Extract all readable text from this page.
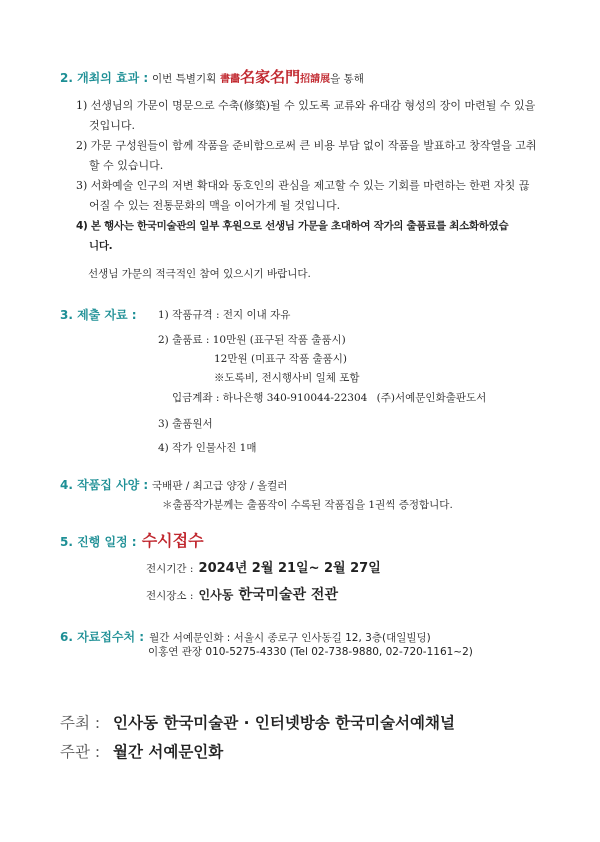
2. 개최의 효과 : 이번 특별기획 書畵名家名門招請展을 통해
1) 선생님의 가문이 명문으로 수축(修築)될 수 있도록 교류와 유대감 형성의 장이 마련될 수 있을
것입니다.
2) 가문 구성원들이 함께 작품을 준비함으로써 큰 비용 부담 없이 작품을 발표하고 창작열을 고취
할 수 있습니다.
3) 서화예술 인구의 저변 확대와 동호인의 관심을 제고할 수 있는 기회를 마련하는 한편 자칫 끊
어질 수 있는 전통문화의 맥을 이어가게 될 것입니다.
4) 본 행사는 한국미술관의 일부 후원으로 선생님 가문을 초대하여 작가의 출품료를 최소화하였습
니다.
선생님 가문의 적극적인 참여 있으시기 바랍니다.
3. 제출 자료 : 1) 작품규격 : 전지 이내 자유
2) 출품료 : 10만원 (표구된 작품 출품시)
12만원 (미표구 작품 출품시)
※도록비, 전시행사비 일체 포함
입금계좌 : 하나은행 340-910044-22304 (주)서예문인화출판도서
3) 출품원서
4) 작가 인물사진 1매
4. 작품집 사양 : 국배판 / 최고급 양장 / 올컬러
＊출품작가분께는 출품작이 수록된 작품집을 1권씩 증정합니다.
5. 진행 일정 : 수시접수
전시기간 : 2024년 2월 21일~ 2월 27일
전시장소 : 인사동 한국미술관 전관
6. 자료접수처 : 월간 서예문인화 : 서울시 종로구 인사동길 12, 3층(대일빌딩)
이홍연 관장 010-5275-4330 (Tel 02-738-9880, 02-720-1161~2)
주최 : 인사동 한국미술관 · 인터넷방송 한국미술서예채널
주관 : 월간 서예문인화
